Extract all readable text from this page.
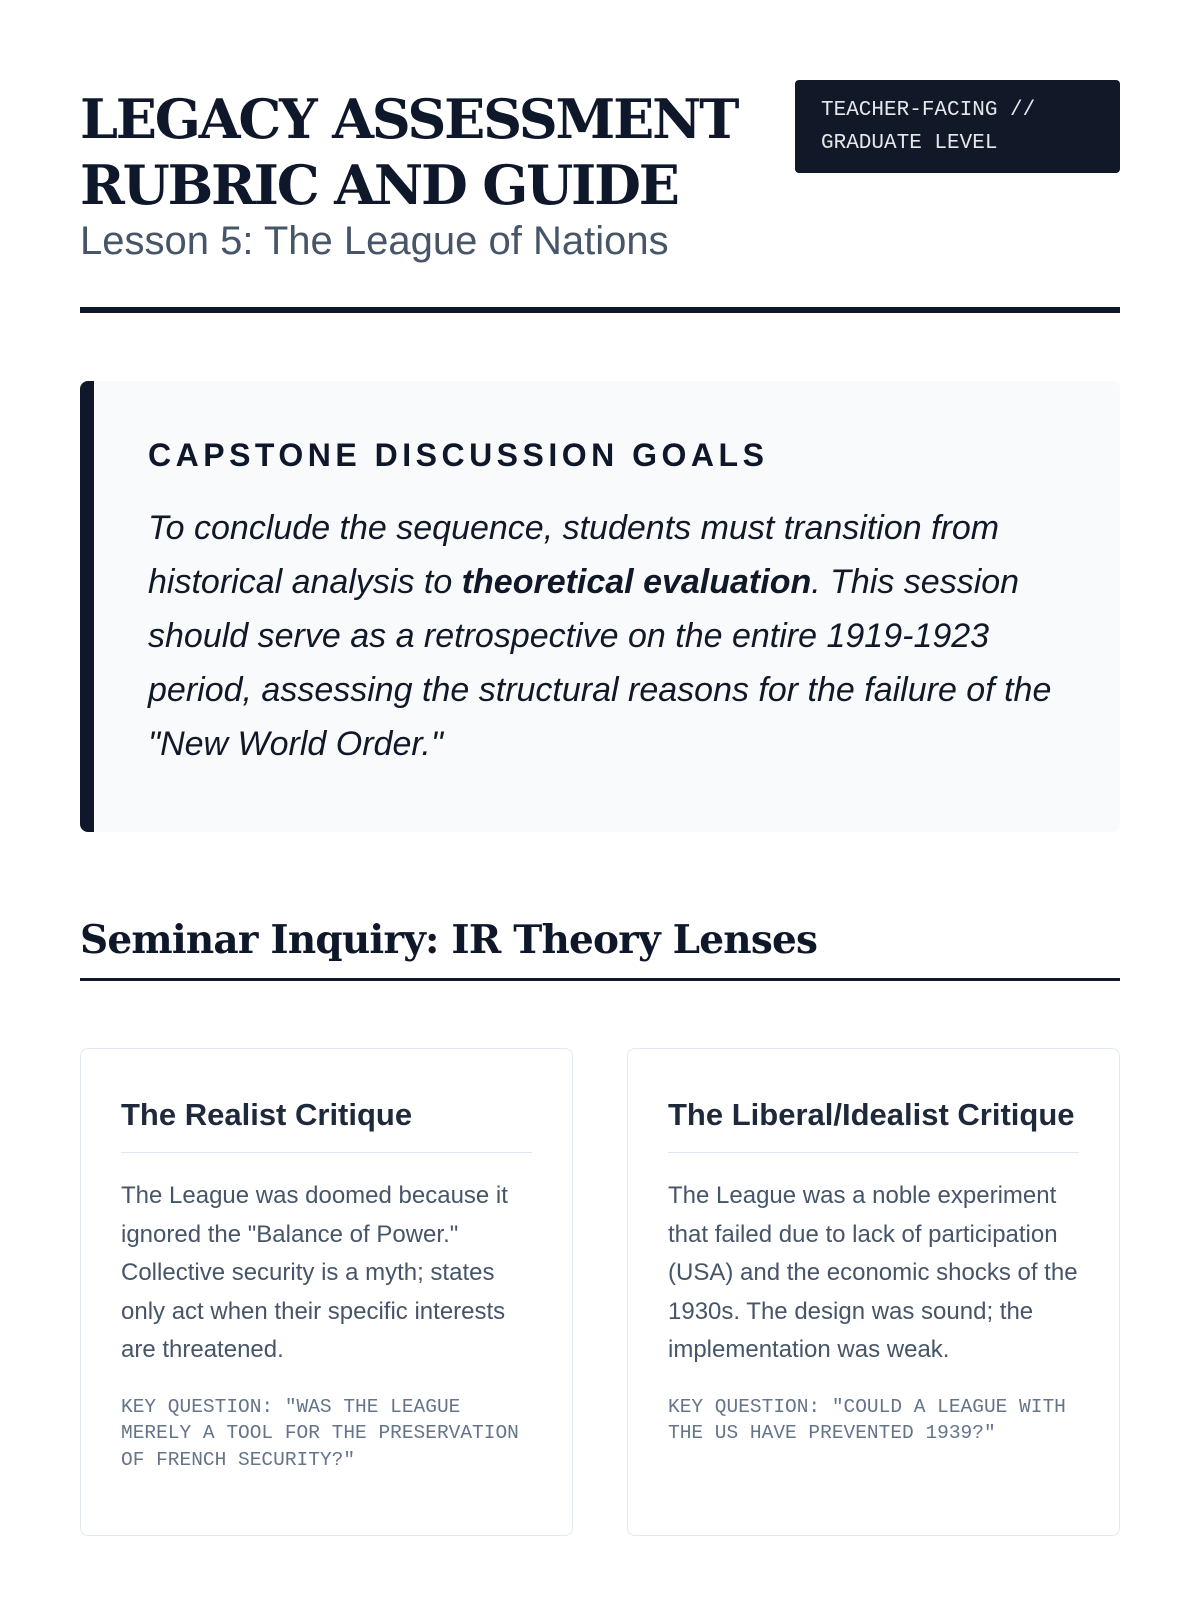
LEGACY ASSESSMENT
RUBRIC AND GUIDE
Lesson 5: The League of Nations
TEACHER-FACING //
GRADUATE LEVEL
CAPSTONE DISCUSSION GOALS

To conclude the sequence, students must transition from historical analysis to theoretical evaluation. This session should serve as a retrospective on the entire 1919-1923 period, assessing the structural reasons for the failure of the "New World Order."

Seminar Inquiry: IR Theory Lenses
The Realist Critique

The League was doomed because it ignored the "Balance of Power." Collective security is a myth; states only act when their specific interests are threatened.

KEY QUESTION: "WAS THE LEAGUE MERELY A TOOL FOR THE PRESERVATION OF FRENCH SECURITY?"

The Liberal/Idealist Critique

The League was a noble experiment that failed due to lack of participation (USA) and the economic shocks of the 1930s. The design was sound; the implementation was weak.

KEY QUESTION: "COULD A LEAGUE WITH THE US HAVE PREVENTED 1939?"
